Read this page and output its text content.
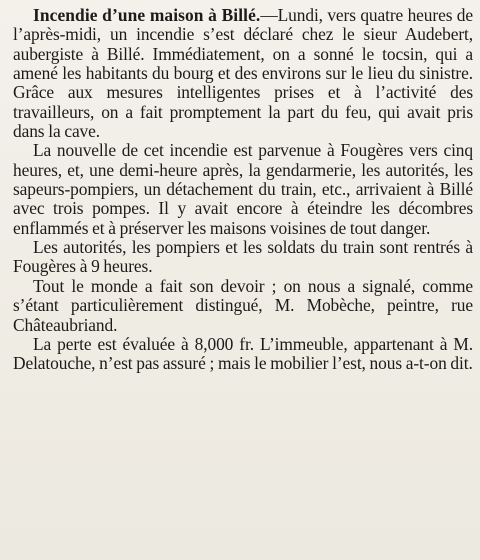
Incendie d’une maison à Billé.—Lundi, vers quatre heures de l’après-midi, un incendie s’est déclaré chez le sieur Audebert, aubergiste à Billé. Immédiatement, on a sonné le tocsin, qui a amené les habitants du bourg et des environs sur le lieu du sinistre. Grâce aux mesures intelligentes prises et à l’activité des travailleurs, on a fait promptement la part du feu, qui avait pris dans la cave.

La nouvelle de cet incendie est parvenue à Fougères vers cinq heures, et, une demi-heure après, la gendarmerie, les autorités, les sapeurs-pompiers, un détachement du train, etc., arrivaient à Billé avec trois pompes. Il y avait encore à éteindre les décombres enflammés et à préserver les maisons voisines de tout danger.

Les autorités, les pompiers et les soldats du train sont rentrés à Fougères à 9 heures.

Tout le monde a fait son devoir ; on nous a signalé, comme s’étant particulièrement distingué, M. Mobèche, peintre, rue Châteaubriand.

La perte est évaluée à 8,000 fr. L’immeuble, appartenant à M. Delatouche, n’est pas assuré ; mais le mobilier l’est, nous a-t-on dit.
